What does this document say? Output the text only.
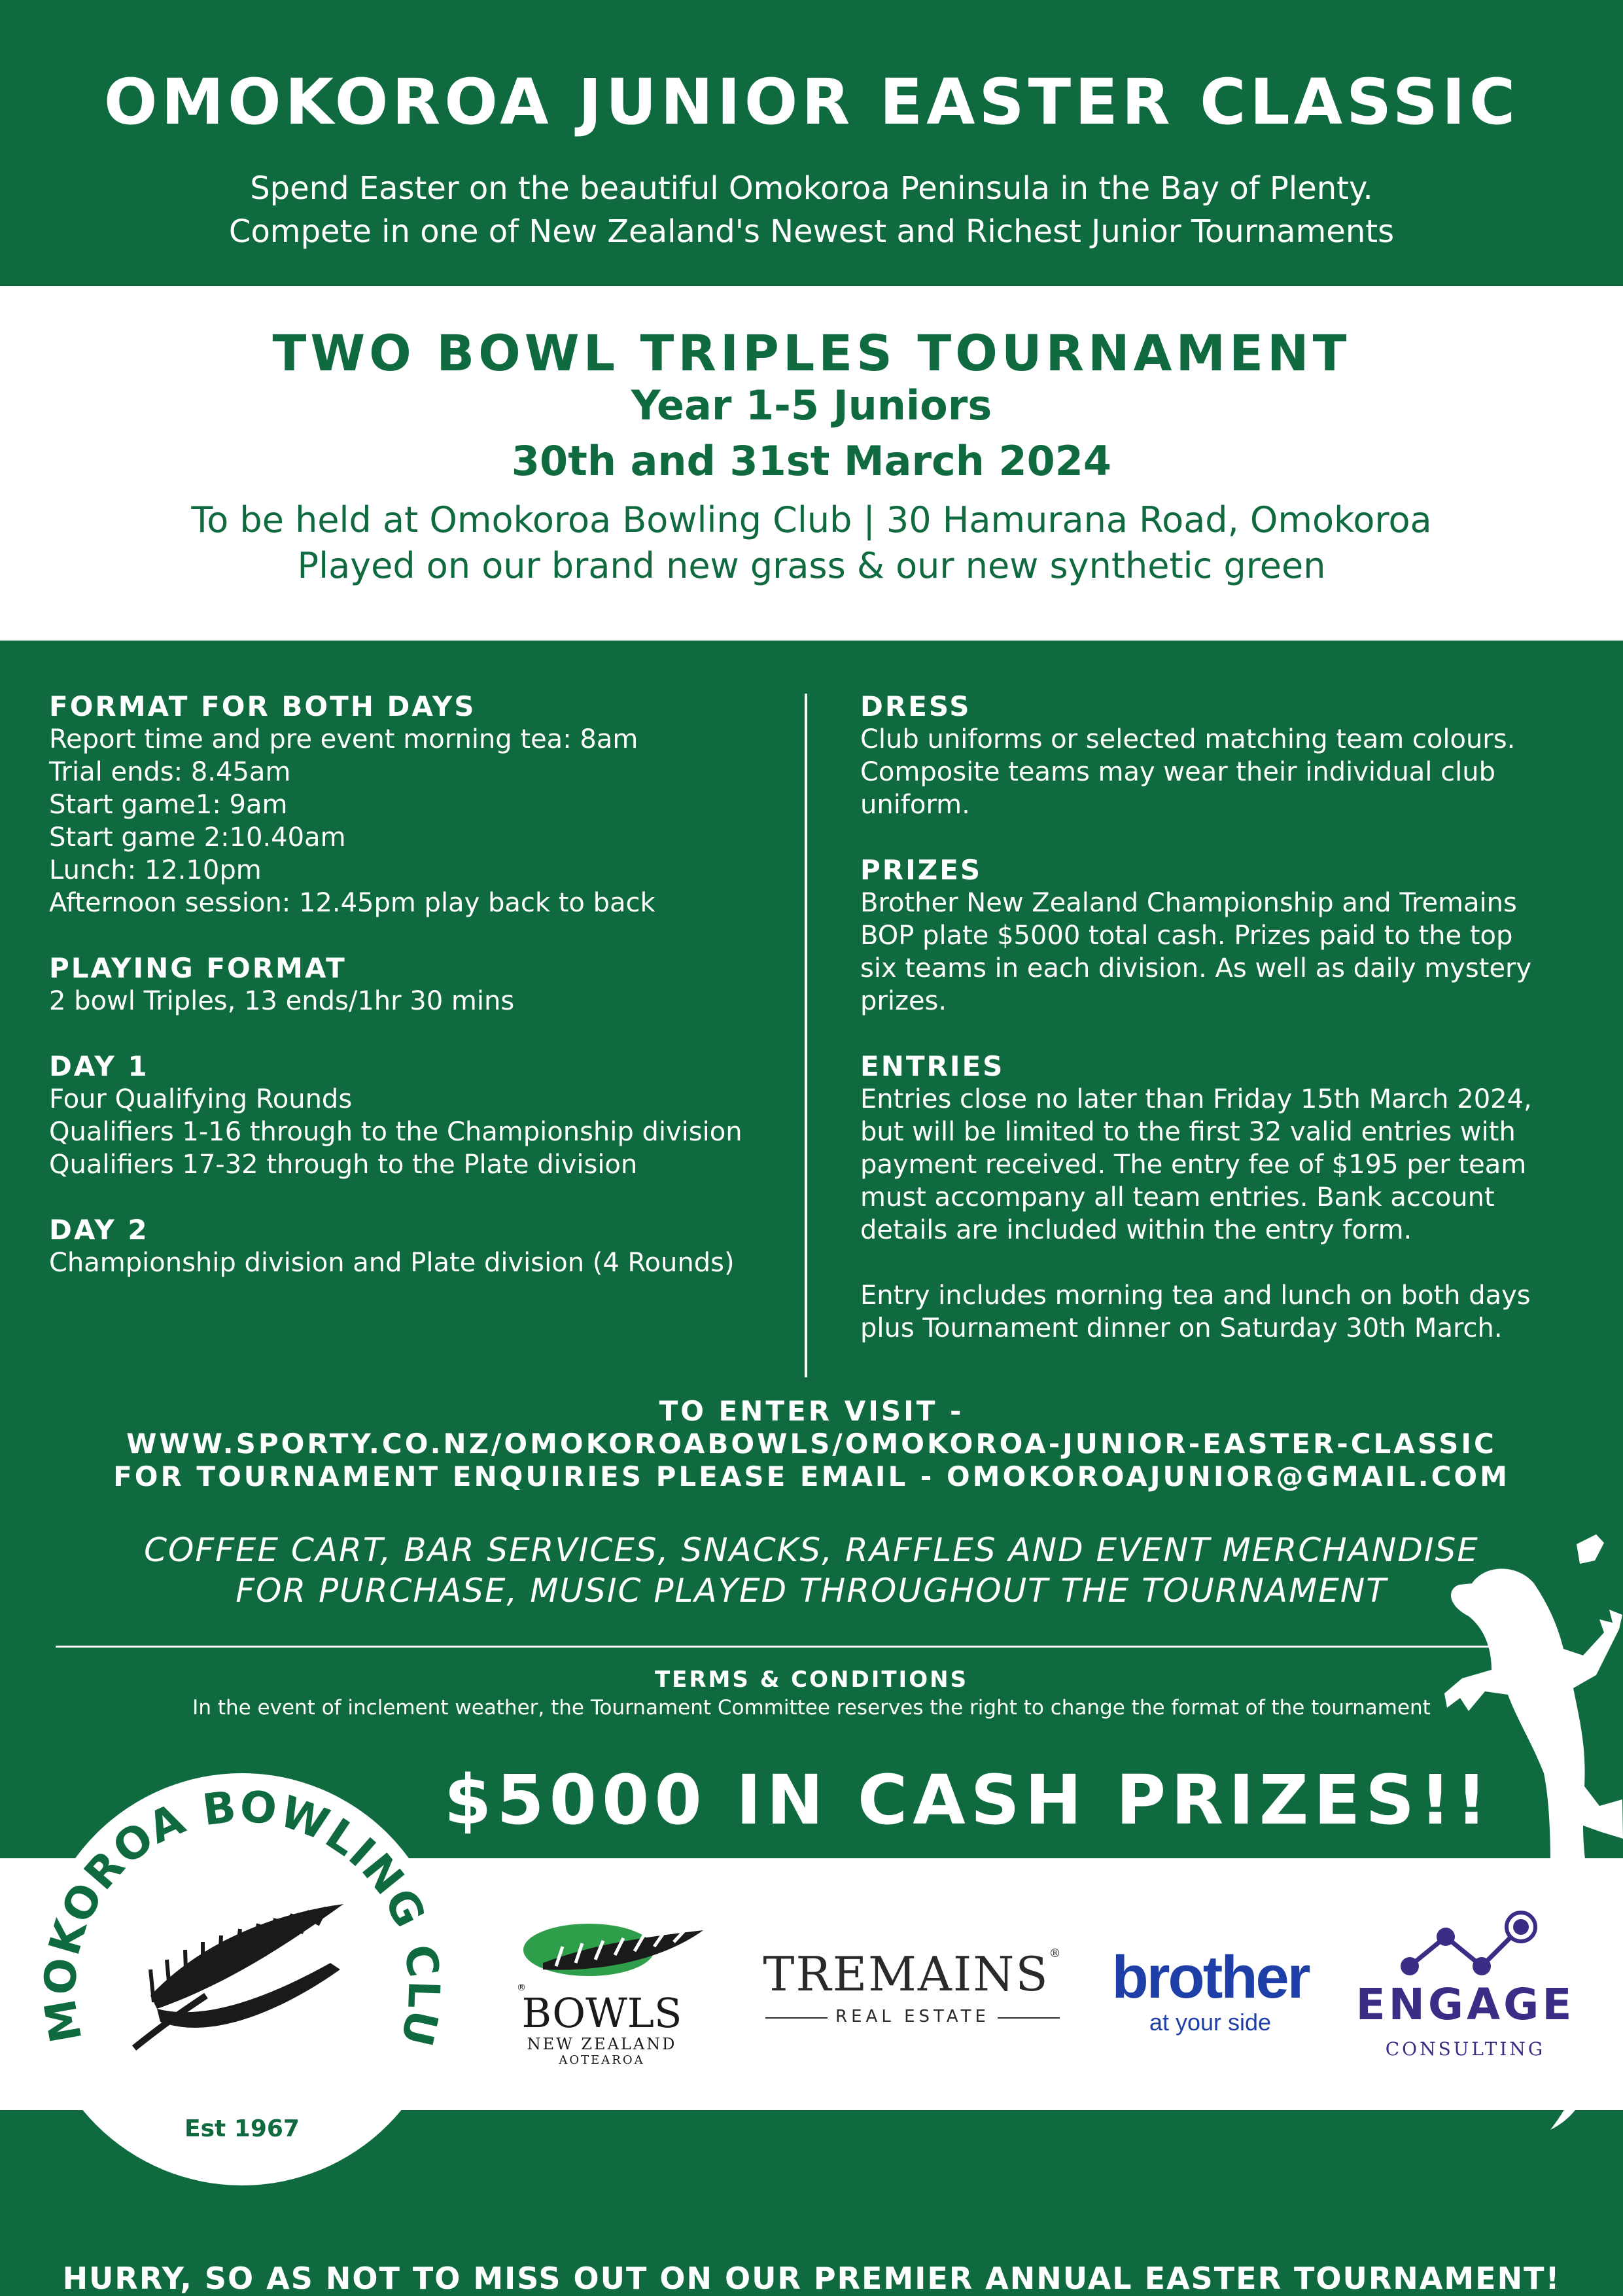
OMOKOROA JUNIOR EASTER CLASSIC
Spend Easter on the beautiful Omokoroa Peninsula in the Bay of Plenty.
Compete in one of New Zealand's Newest and Richest Junior Tournaments
TWO BOWL TRIPLES TOURNAMENT
Year 1-5 Juniors
30th and 31st March 2024
To be held at Omokoroa Bowling Club | 30 Hamurana Road, Omokoroa
Played on our brand new grass & our new synthetic green
FORMAT FOR BOTH DAYS
Report time and pre event morning tea: 8am
Trial ends: 8.45am
Start game1: 9am
Start game 2:10.40am
Lunch: 12.10pm
Afternoon session: 12.45pm play back to back
PLAYING FORMAT
2 bowl Triples, 13 ends/1hr 30 mins
DAY 1
Four Qualifying Rounds
Qualifiers 1-16 through to the Championship division
Qualifiers 17-32 through to the Plate division
DAY 2
Championship division and Plate division (4 Rounds)
DRESS
Club uniforms or selected matching team colours.
Composite teams may wear their individual club
uniform.
PRIZES
Brother New Zealand Championship and Tremains
BOP plate $5000 total cash. Prizes paid to the top
six teams in each division. As well as daily mystery
prizes.
ENTRIES
Entries close no later than Friday 15th March 2024,
but will be limited to the first 32 valid entries with
payment received. The entry fee of $195 per team
must accompany all team entries. Bank account
details are included within the entry form.
Entry includes morning tea and lunch on both days
plus Tournament dinner on Saturday 30th March.
TO ENTER VISIT -
WWW.SPORTY.CO.NZ/OMOKOROABOWLS/OMOKOROA-JUNIOR-EASTER-CLASSIC
FOR TOURNAMENT ENQUIRIES PLEASE EMAIL - OMOKOROAJUNIOR@GMAIL.COM
COFFEE CART, BAR SERVICES, SNACKS, RAFFLES AND EVENT MERCHANDISE
FOR PURCHASE, MUSIC PLAYED THROUGHOUT THE TOURNAMENT
TERMS & CONDITIONS
In the event of inclement weather, the Tournament Committee reserves the right to change the format of the tournament
$5000 IN CASH PRIZES!!
MOKOROA BOWLING CLU
Est 1967
®
BOWLS
NEW ZEALAND
AOTEAROA
TREMAINS®
REAL ESTATE
brother
at your side	ENGAGE
CONSULTING
HURRY, SO AS NOT TO MISS OUT ON OUR PREMIER ANNUAL EASTER TOURNAMENT!
